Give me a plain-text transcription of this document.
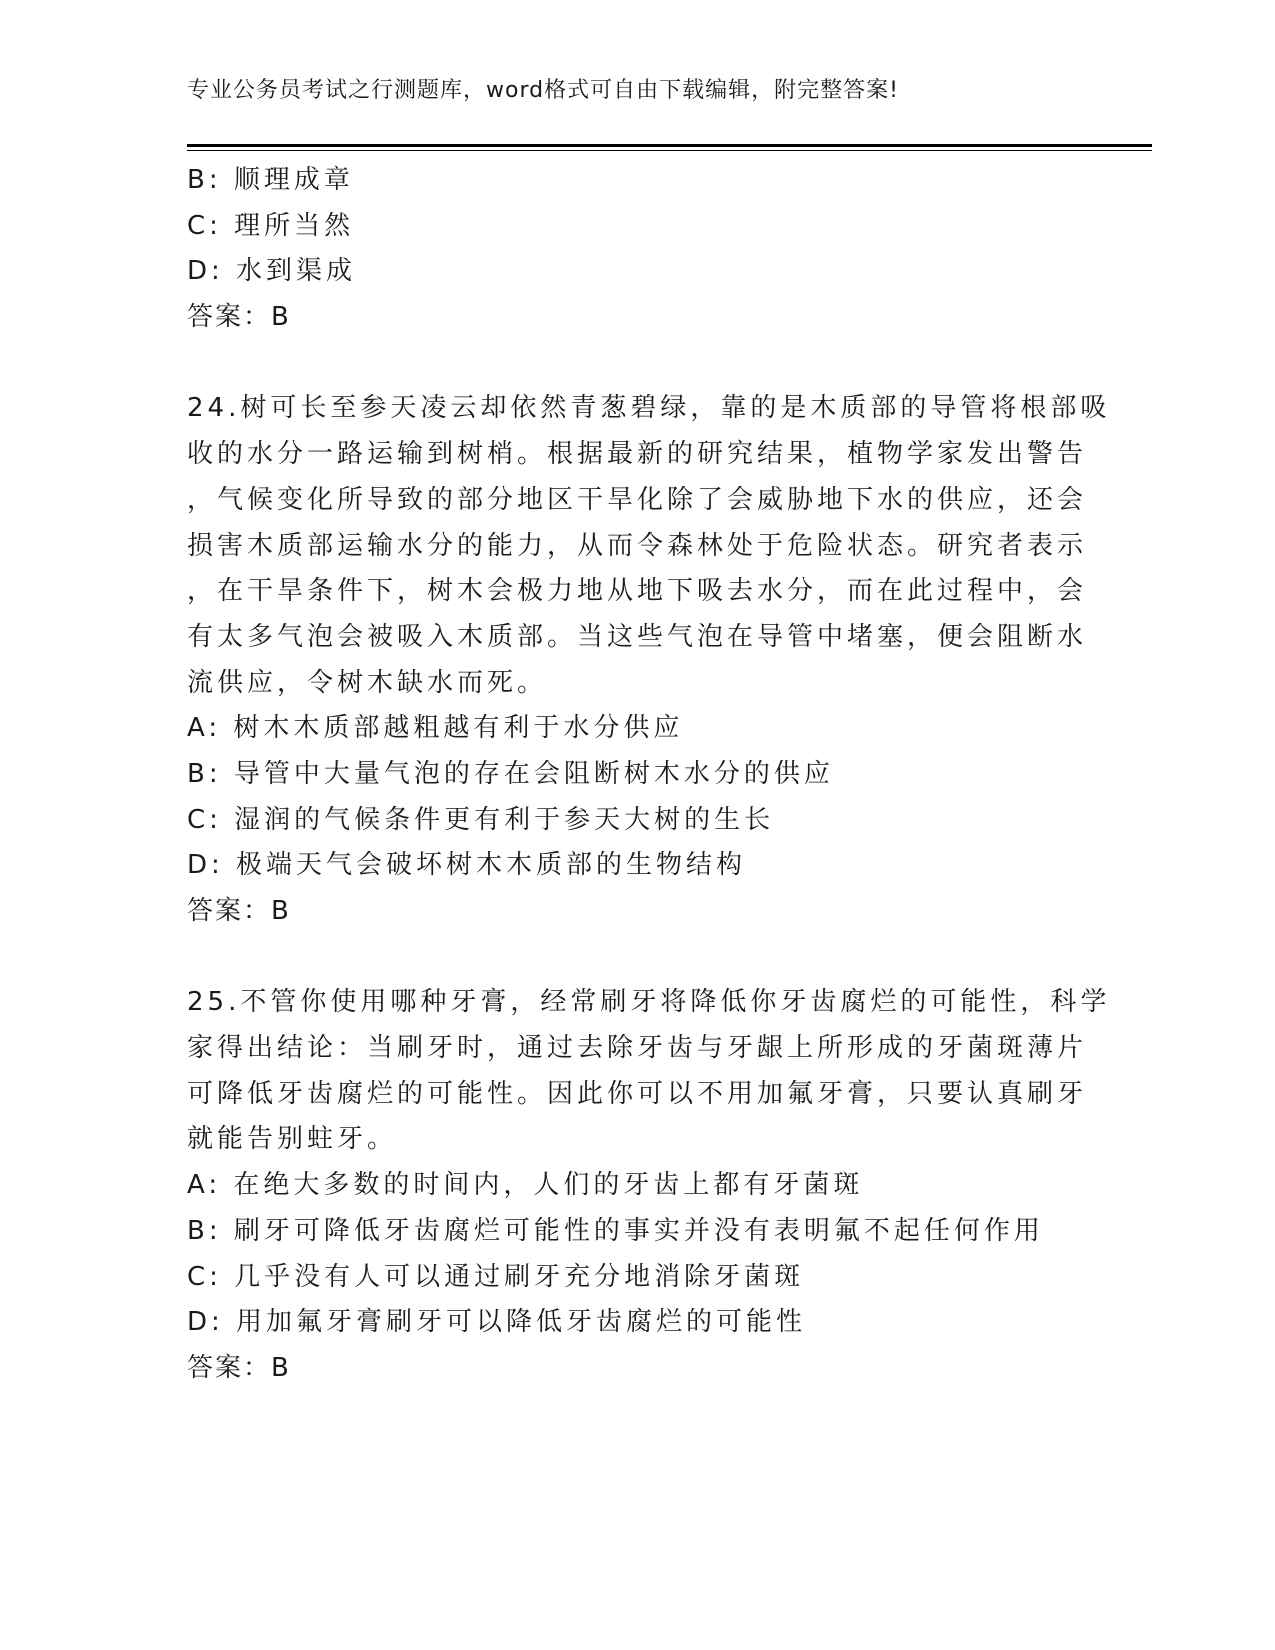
专业公务员考试之行测题库，word格式可自由下载编辑，附完整答案!
B: 顺理成章
C: 理所当然
D: 水到渠成
答案：B
24.树可长至参天凌云却依然青葱碧绿，靠的是木质部的导管将根部吸
收的水分一路运输到树梢。根据最新的研究结果，植物学家发出警告
，气候变化所导致的部分地区干旱化除了会威胁地下水的供应，还会
损害木质部运输水分的能力，从而令森林处于危险状态。研究者表示
，在干旱条件下，树木会极力地从地下吸去水分，而在此过程中，会
有太多气泡会被吸入木质部。当这些气泡在导管中堵塞，便会阻断水
流供应，令树木缺水而死。
A: 树木木质部越粗越有利于水分供应
B: 导管中大量气泡的存在会阻断树木水分的供应
C: 湿润的气候条件更有利于参天大树的生长
D: 极端天气会破坏树木木质部的生物结构
答案：B
25.不管你使用哪种牙膏，经常刷牙将降低你牙齿腐烂的可能性，科学
家得出结论：当刷牙时，通过去除牙齿与牙龈上所形成的牙菌斑薄片
可降低牙齿腐烂的可能性。因此你可以不用加氟牙膏，只要认真刷牙
就能告别蛀牙。
A: 在绝大多数的时间内，人们的牙齿上都有牙菌斑
B: 刷牙可降低牙齿腐烂可能性的事实并没有表明氟不起任何作用
C: 几乎没有人可以通过刷牙充分地消除牙菌斑
D: 用加氟牙膏刷牙可以降低牙齿腐烂的可能性
答案：B
